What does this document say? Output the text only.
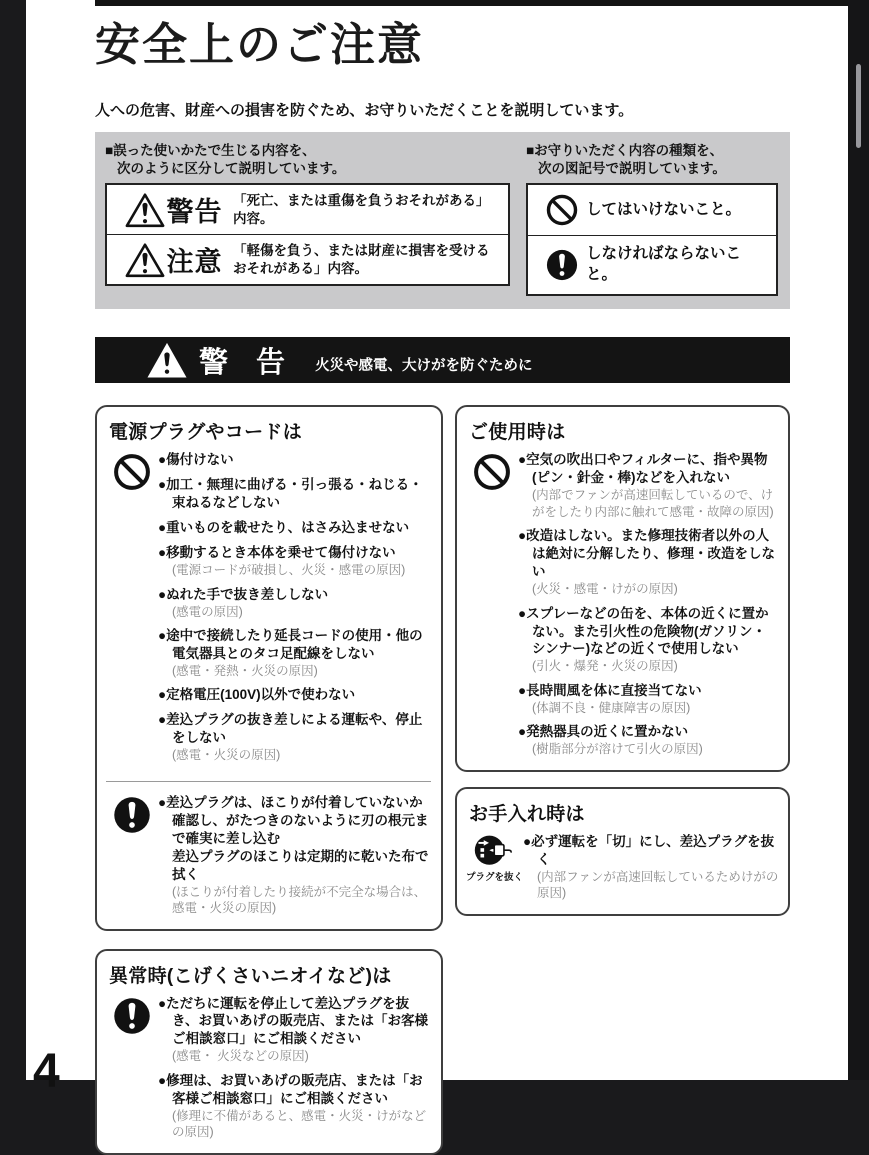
安全上のご注意

人への危害、財産への損害を防ぐため、お守りいただくことを説明しています。

■誤った使いかたで生じる内容を、
次のように区分して説明しています。
警告 「死亡、または重傷を負うおそれがある」内容。
注意 「軽傷を負う、または財産に損害を受けるおそれがある」内容。
■お守りいただく内容の種類を、
次の図記号で説明しています。
してはいけないこと。
しなければならないこと。
警 告 火災や感電、大けがを防ぐために
電源プラグやコードは
●傷付けない
●加工・無理に曲げる・引っ張る・ねじる・束ねるなどしない
●重いものを載せたり、はさみ込ませない
●移動するとき本体を乗せて傷付けない
(電源コードが破損し、火災・感電の原因)
●ぬれた手で抜き差ししない
(感電の原因)
●途中で接続したり延長コードの使用・他の電気器具とのタコ足配線をしない
(感電・発熱・火災の原因)
●定格電圧(100V)以外で使わない
●差込プラグの抜き差しによる運転や、停止をしない
(感電・火災の原因)
●差込プラグは、ほこりが付着していないか確認し、がたつきのないように刃の根元まで確実に差し込む
差込プラグのほこりは定期的に乾いた布で拭く
(ほこりが付着したり接続が不完全な場合は、感電・火災の原因)
異常時(こげくさいニオイなど)は
●ただちに運転を停止して差込プラグを抜き、お買いあげの販売店、または「お客様ご相談窓口」にご相談ください
(感電・ 火災などの原因)
●修理は、お買いあげの販売店、または「お客様ご相談窓口」にご相談ください
(修理に不備があると、感電・火災・けがなどの原因)
ご使用時は
●空気の吹出口やフィルターに、指や異物(ピン・針金・棒)などを入れない
(内部でファンが高速回転しているので、けがをしたり内部に触れて感電・故障の原因)
●改造はしない。また修理技術者以外の人は絶対に分解したり、修理・改造をしない
(火災・感電・けがの原因)
●スプレーなどの缶を、本体の近くに置かない。また引火性の危険物(ガソリン・シンナー)などの近くで使用しない
(引火・爆発・火災の原因)
●長時間風を体に直接当てない
(体調不良・健康障害の原因)
●発熱器具の近くに置かない
(樹脂部分が溶けて引火の原因)
お手入れ時は
プラグを抜く
●必ず運転を「切」にし、差込プラグを抜く
(内部ファンが高速回転しているためけがの原因)
4
